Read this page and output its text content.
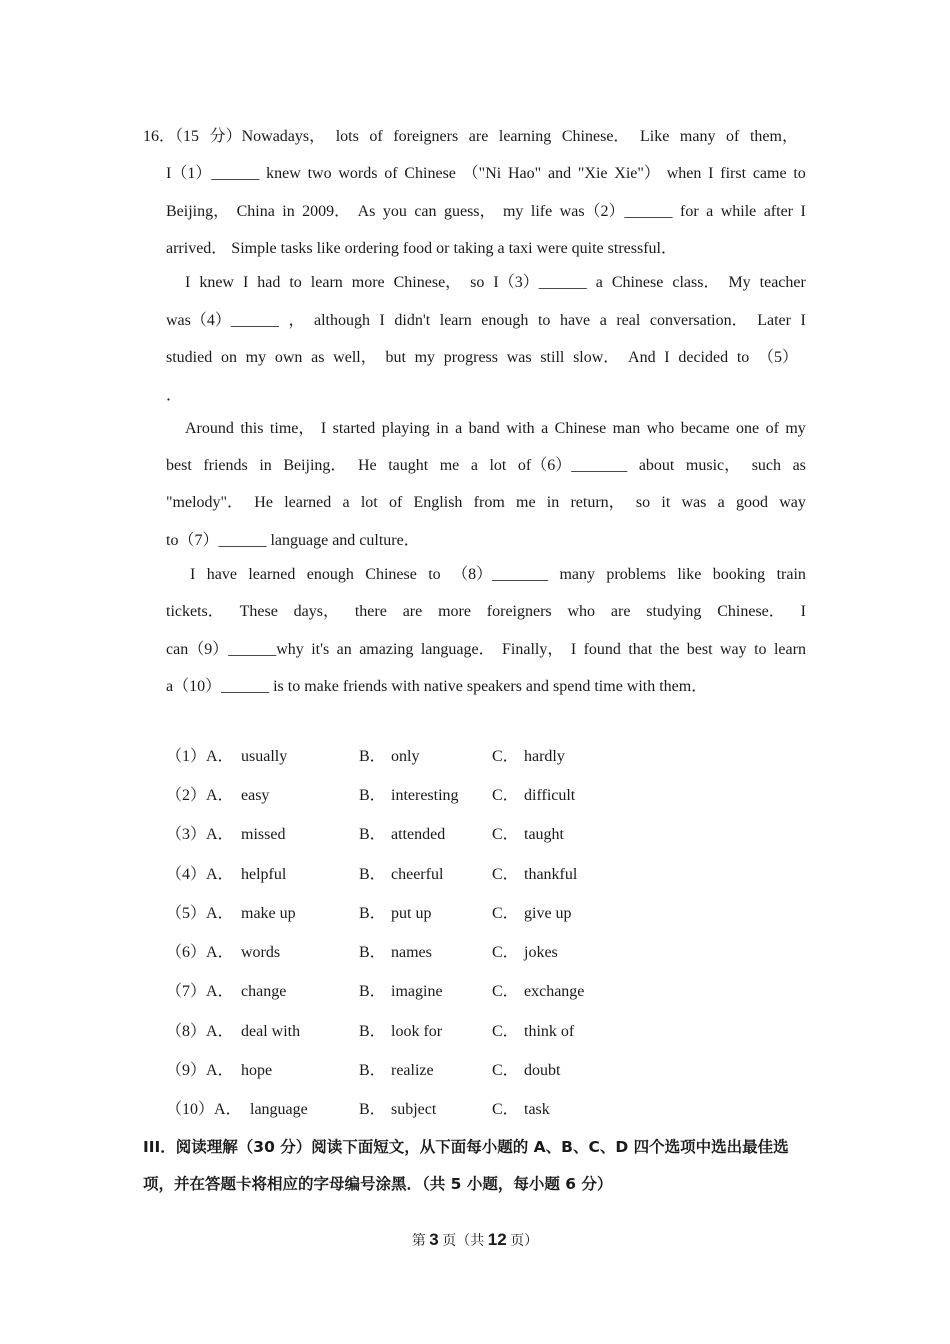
16．（15 分）Nowadays， lots of foreigners are learning Chinese． Like many of them，
I（1）______ knew two words of Chinese （"Ni Hao" and "Xie Xie"） when I first came to
Beijing， China in 2009． As you can guess， my life was（2）______ for a while after I
arrived． Simple tasks like ordering food or taking a taxi were quite stressful．
I knew I had to learn more Chinese， so I（3）______ a Chinese class． My teacher
was（4）______ ， although I didn't learn enough to have a real conversation． Later I
studied on my own as well， but my progress was still slow． And I decided to （5）
．
Around this time， I started playing in a band with a Chinese man who became one of my
best friends in Beijing． He taught me a lot of（6）_______ about music， such as
"melody"． He learned a lot of English from me in return， so it was a good way
to（7）______ language and culture．
I have learned enough Chinese to （8）_______ many problems like booking train
tickets． These days， there are more foreigners who are studying Chinese． I
can（9）______why it's an amazing language． Finally， I found that the best way to learn
a（10）______ is to make friends with native speakers and spend time with them．
（1）A． usually	B． only	C． hardly
（2）A． easy	B． interesting C． difficult
（3）A． missed	B． attended	C． taught
（4）A． helpful	B． cheerful	C． thankful
（5）A． make up	B． put up	C． give up
（6）A． words	B． names	C． jokes
（7）A． change	B． imagine	C． exchange
（8）A． deal with	B． look for	C． think of
（9）A． hope	B． realize	C． doubt
（10）A． language	B． subject	C． task
III．阅读理解（30 分）阅读下面短文，从下面每小题的 A、B、C、D 四个选项中选出最佳选
项，并在答题卡将相应的字母编号涂黑．（共 5 小题，每小题 6 分）
第 3 页（共 12 页）
